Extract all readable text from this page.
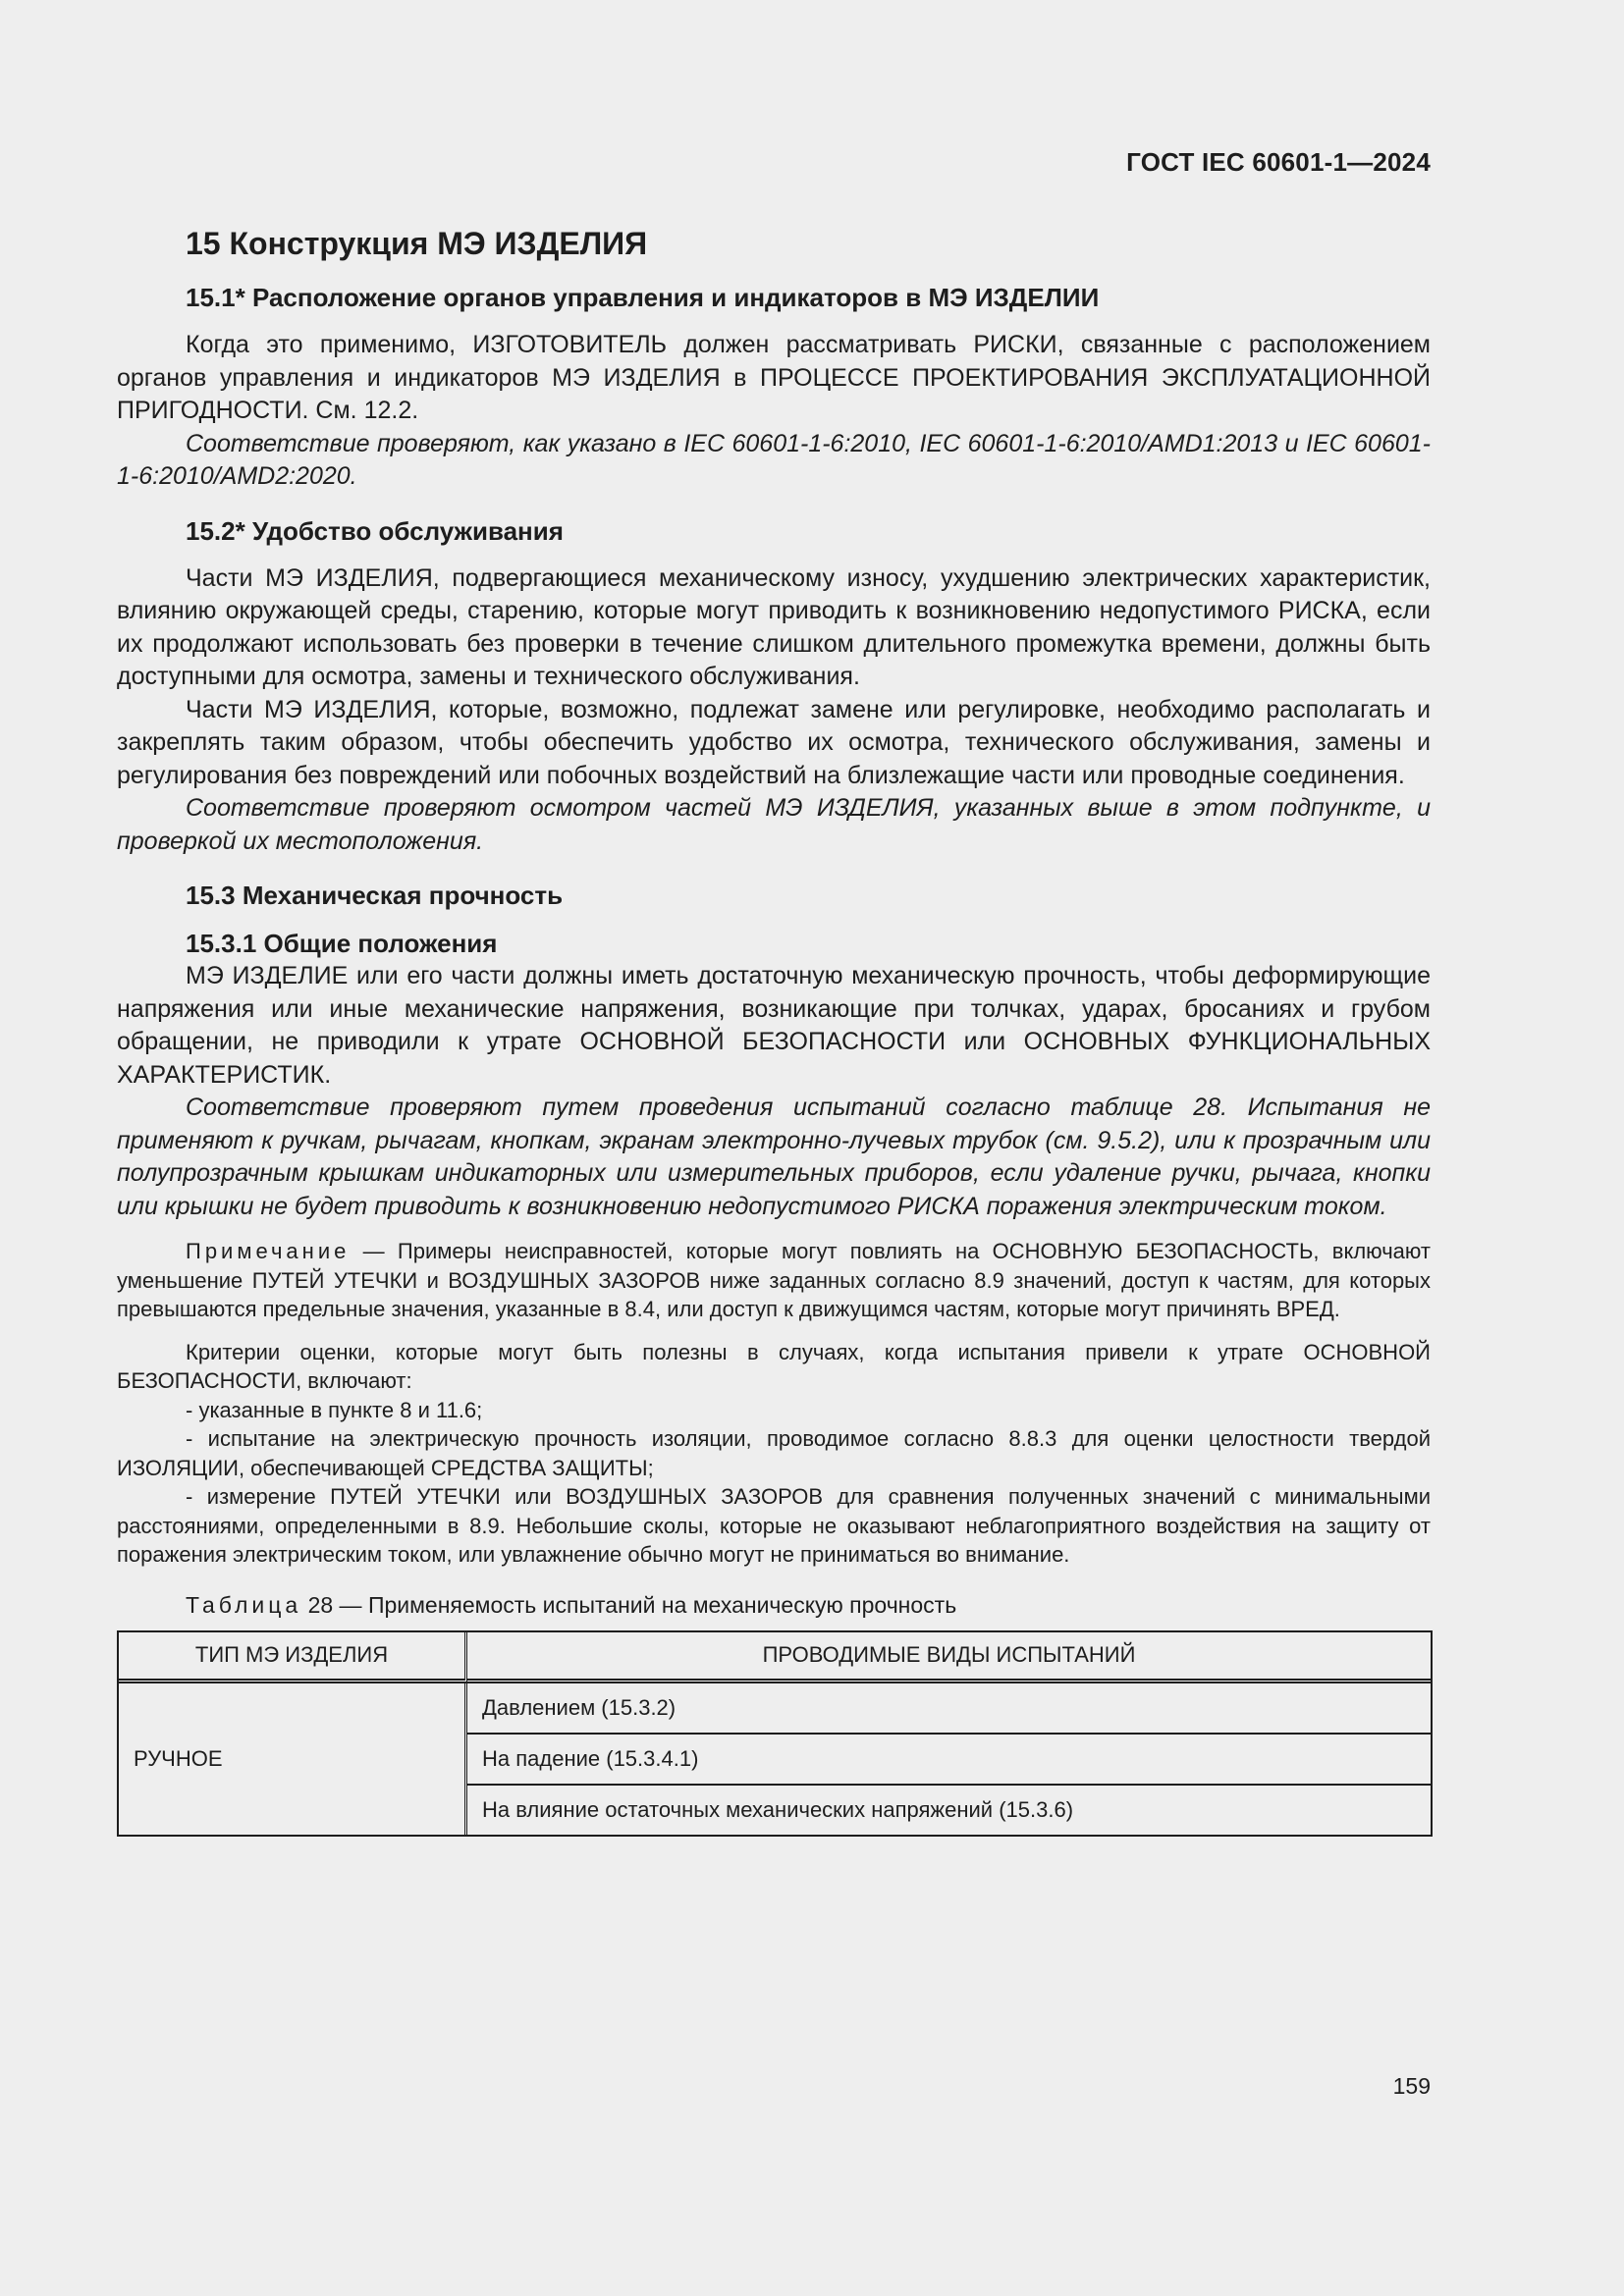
ГОСТ IEC 60601-1—2024
15 Конструкция МЭ ИЗДЕЛИЯ
15.1* Расположение органов управления и индикаторов в МЭ ИЗДЕЛИИ

Когда это применимо, ИЗГОТОВИТЕЛЬ должен рассматривать РИСКИ, связанные с расположением органов управления и индикаторов МЭ ИЗДЕЛИЯ в ПРОЦЕССЕ ПРОЕКТИРОВАНИЯ ЭКСПЛУАТАЦИОННОЙ ПРИГОДНОСТИ. См. 12.2.

Соответствие проверяют, как указано в IEC 60601-1-6:2010, IEC 60601-1-6:2010/AMD1:2013 и IEC 60601-1-6:2010/AMD2:2020.

15.2* Удобство обслуживания

Части МЭ ИЗДЕЛИЯ, подвергающиеся механическому износу, ухудшению электрических характеристик, влиянию окружающей среды, старению, которые могут приводить к возникновению недопустимого РИСКА, если их продолжают использовать без проверки в течение слишком длительного промежутка времени, должны быть доступными для осмотра, замены и технического обслуживания.

Части МЭ ИЗДЕЛИЯ, которые, возможно, подлежат замене или регулировке, необходимо располагать и закреплять таким образом, чтобы обеспечить удобство их осмотра, технического обслуживания, замены и регулирования без повреждений или побочных воздействий на близлежащие части или проводные соединения.

Соответствие проверяют осмотром частей МЭ ИЗДЕЛИЯ, указанных выше в этом подпункте, и проверкой их местоположения.

15.3 Механическая прочность
15.3.1 Общие положения

МЭ ИЗДЕЛИЕ или его части должны иметь достаточную механическую прочность, чтобы деформирующие напряжения или иные механические напряжения, возникающие при толчках, ударах, бросаниях и грубом обращении, не приводили к утрате ОСНОВНОЙ БЕЗОПАСНОСТИ или ОСНОВНЫХ ФУНКЦИОНАЛЬНЫХ ХАРАКТЕРИСТИК.

Соответствие проверяют путем проведения испытаний согласно таблице 28. Испытания не применяют к ручкам, рычагам, кнопкам, экранам электронно-лучевых трубок (см. 9.5.2), или к прозрачным или полупрозрачным крышкам индикаторных или измерительных приборов, если удаление ручки, рычага, кнопки или крышки не будет приводить к возникновению недопустимого РИСКА поражения электрическим током.

Примечание — Примеры неисправностей, которые могут повлиять на ОСНОВНУЮ БЕЗОПАСНОСТЬ, включают уменьшение ПУТЕЙ УТЕЧКИ и ВОЗДУШНЫХ ЗАЗОРОВ ниже заданных согласно 8.9 значений, доступ к частям, для которых превышаются предельные значения, указанные в 8.4, или доступ к движущимся частям, которые могут причинять ВРЕД.

Критерии оценки, которые могут быть полезны в случаях, когда испытания привели к утрате ОСНОВНОЙ БЕЗОПАСНОСТИ, включают:

- указанные в пункте 8 и 11.6;

- испытание на электрическую прочность изоляции, проводимое согласно 8.8.3 для оценки целостности твердой ИЗОЛЯЦИИ, обеспечивающей СРЕДСТВА ЗАЩИТЫ;

- измерение ПУТЕЙ УТЕЧКИ или ВОЗДУШНЫХ ЗАЗОРОВ для сравнения полученных значений с минимальными расстояниями, определенными в 8.9. Небольшие сколы, которые не оказывают неблагоприятного воздействия на защиту от поражения электрическим током, или увлажнение обычно могут не приниматься во внимание.

Таблица 28 — Применяемость испытаний на механическую прочность

ТИП МЭ ИЗДЕЛИЯ	ПРОВОДИМЫЕ ВИДЫ ИСПЫТАНИЙ
РУЧНОЕ	Давлением (15.3.2)
	На падение (15.3.4.1)
	На влияние остаточных механических напряжений (15.3.6)
159
